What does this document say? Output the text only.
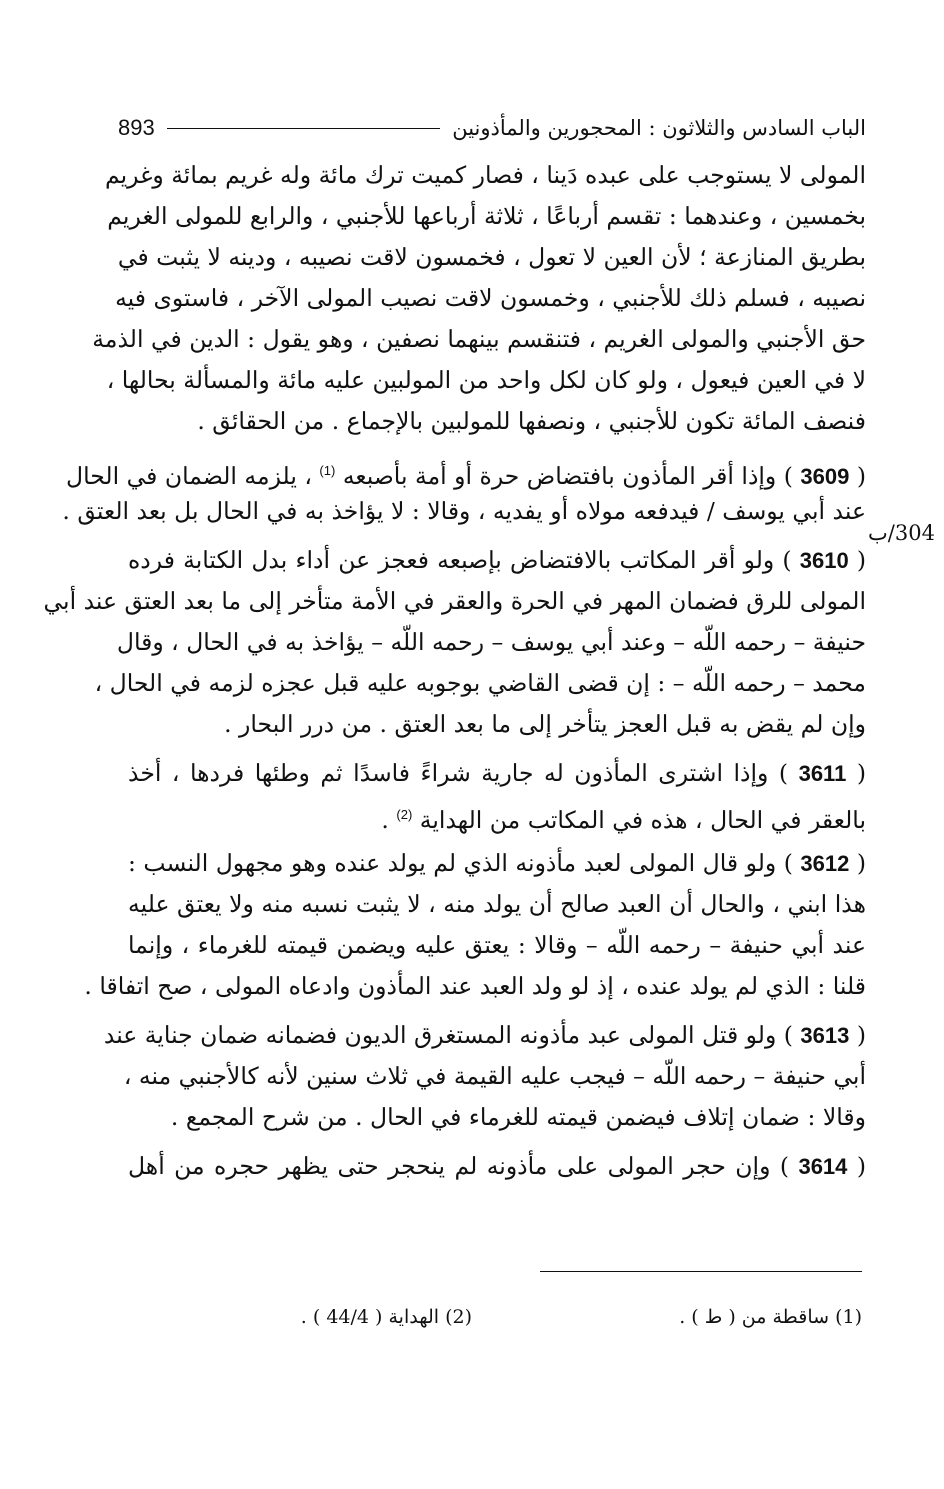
الباب السادس والثلاثون : المحجورين والمأذونين
893
304/ب
المولى لا يستوجب على عبده دَينا ، فصار كميت ترك مائة وله غريم بمائة وغريم
بخمسين ، وعندهما : تقسم أرباعًا ، ثلاثة أرباعها للأجنبي ، والرابع للمولى الغريم
بطريق المنازعة ؛ لأن العين لا تعول ، فخمسون لاقت نصيبه ، ودينه لا يثبت في
نصيبه ، فسلم ذلك للأجنبي ، وخمسون لاقت نصيب المولى الآخر ، فاستوى فيه
حق الأجنبي والمولى الغريم ، فتنقسم بينهما نصفين ، وهو يقول : الدين في الذمة
لا في العين فيعول ، ولو كان لكل واحد من المولبين عليه مائة والمسألة بحالها ،
فنصف المائة تكون للأجنبي ، ونصفها للمولبين بالإجماع . من الحقائق .
( 3609 ) وإذا أقر المأذون بافتضاض حرة أو أمة بأصبعه $^{(1)}$ ، يلزمه الضمان في الحال
عند أبي يوسف / فيدفعه مولاه أو يفديه ، وقالا : لا يؤاخذ به في الحال بل بعد العتق .
( 3610 ) ولو أقر المكاتب بالافتضاض بإصبعه فعجز عن أداء بدل الكتابة فرده
المولى للرق فضمان المهر في الحرة والعقر في الأمة متأخر إلى ما بعد العتق عند أبي
حنيفة – رحمه اللّه – وعند أبي يوسف – رحمه اللّه – يؤاخذ به في الحال ، وقال
محمد – رحمه اللّه – : إن قضى القاضي بوجوبه عليه قبل عجزه لزمه في الحال ،
وإن لم يقض به قبل العجز يتأخر إلى ما بعد العتق . من درر البحار .
( 3611 ) وإذا اشترى المأذون له جارية شراءً فاسدًا ثم وطئها فردها ، أخذ
بالعقر في الحال ، هذه في المكاتب من الهداية $^{(2)}$ .
( 3612 ) ولو قال المولى لعبد مأذونه الذي لم يولد عنده وهو مجهول النسب :
هذا ابني ، والحال أن العبد صالح أن يولد منه ، لا يثبت نسبه منه ولا يعتق عليه
عند أبي حنيفة – رحمه اللّه – وقالا : يعتق عليه ويضمن قيمته للغرماء ، وإنما
قلنا : الذي لم يولد عنده ، إذ لو ولد العبد عند المأذون وادعاه المولى ، صح اتفاقا .
( 3613 ) ولو قتل المولى عبد مأذونه المستغرق الديون فضمانه ضمان جناية عند
أبي حنيفة – رحمه اللّه – فيجب عليه القيمة في ثلاث سنين لأنه كالأجنبي منه ،
وقالا : ضمان إتلاف فيضمن قيمته للغرماء في الحال . من شرح المجمع .
( 3614 ) وإن حجر المولى على مأذونه لم ينحجر حتى يظهر حجره من أهل
(1) ساقطة من ( ط ) .
(2) الهداية ( 44/4 ) .
